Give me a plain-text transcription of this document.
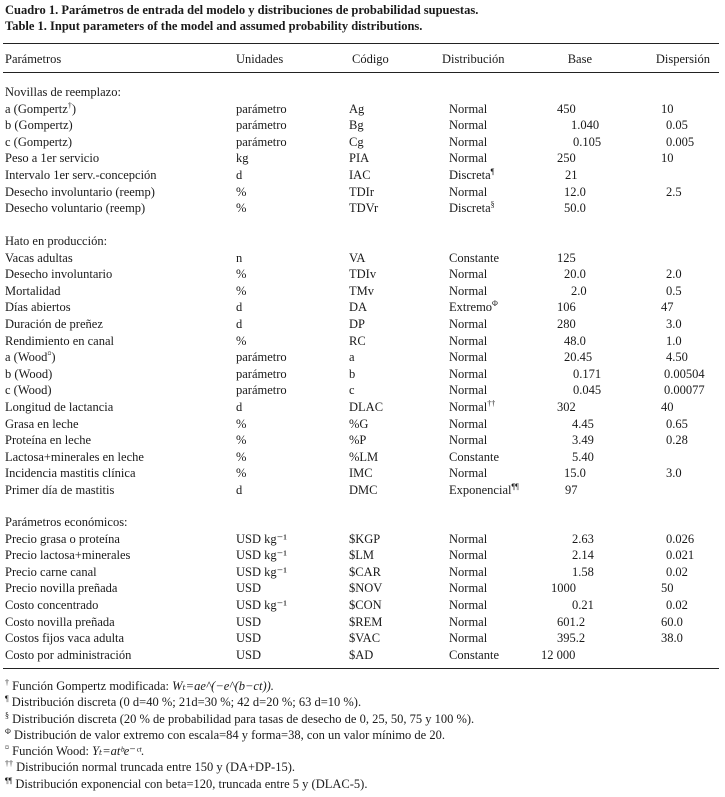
Cuadro 1. Parámetros de entrada del modelo y distribuciones de probabilidad supuestas.
Table 1. Input parameters of the model and assumed probability distributions.
Parámetros	Unidades	Código	Distribución	Base	Dispersión
Novillas de reemplazo:
a (Gompertz†)	parámetro	Ag	Normal	450	10
b (Gompertz)	parámetro	Bg	Normal	1.040	0.05
c (Gompertz)	parámetro	Cg	Normal	0.105	0.005
Peso a 1er servicio	kg	PIA	Normal	250	10
Intervalo 1er serv.-concepción	d	IAC	Discreta¶	21
Desecho involuntario (reemp)	%	TDIr	Normal	12.0	2.5
Desecho voluntario (reemp)	%	TDVr	Discreta§	50.0
Hato en producción:
Vacas adultas	n	VA	Constante	125
Desecho involuntario	%	TDIv	Normal	20.0	2.0
Mortalidad	%	TMv	Normal	2.0	0.5
Días abiertos	d	DA	Extremo$^\Phi$	106	47
Duración de preñez	d	DP	Normal	280	3.0
Rendimiento en canal	%	RC	Normal	48.0	1.0
a (Wood¤)	parámetro	a	Normal	20.45	4.50
b (Wood)	parámetro	b	Normal	0.171	0.00504
c (Wood)	parámetro	c	Normal	0.045	0.00077
Longitud de lactancia	d	DLAC	Normal††	302	40
Grasa en leche	%	%G	Normal	4.45	0.65
Proteína en leche	%	%P	Normal	3.49	0.28
Lactosa+minerales en leche	%	%LM	Constante	5.40
Incidencia mastitis clínica	%	IMC	Normal	15.0	3.0
Primer día de mastitis	d	DMC	Exponencial¶¶	97
Parámetros económicos:
Precio grasa o proteína	USD kg⁻¹	$KGP	Normal	2.63	0.026
Precio lactosa+minerales	USD kg⁻¹	$LM	Normal	2.14	0.021
Precio carne canal	USD kg⁻¹	$CAR	Normal	1.58	0.02
Precio novilla preñada	USD	$NOV	Normal	1000	50
Costo concentrado	USD kg⁻¹	$CON	Normal	0.21	0.02
Costo novilla preñada	USD	$REM	Normal	601.2	60.0
Costos fijos vaca adulta	USD	$VAC	Normal	395.2	38.0
Costo por administración	USD	$AD	Constante	12 000
† Función Gompertz modificada: Wₜ=ae^(−e^(b−ct)).
¶ Distribución discreta (0 d=40 %; 21d=30 %; 42 d=20 %; 63 d=10 %).
§ Distribución discreta (20 % de probabilidad para tasas de desecho de 0, 25, 50, 75 y 100 %).
$^\Phi$ Distribución de valor extremo con escala=84 y forma=38, con un valor mínimo de 20.
¤ Función Wood: Yₜ=atᵇe⁻ᶜᵗ.
†† Distribución normal truncada entre 150 y (DA+DP-15).
¶¶ Distribución exponencial con beta=120, truncada entre 5 y (DLAC-5).
